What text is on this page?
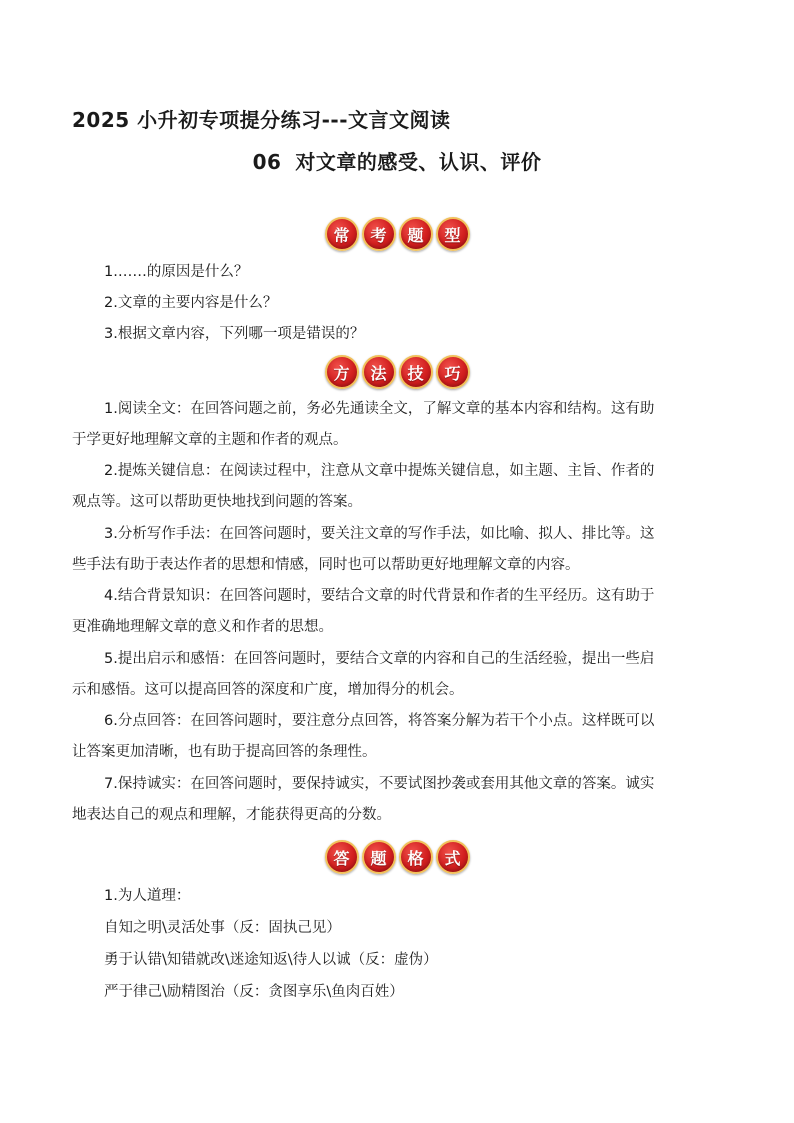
2025 小升初专项提分练习---文言文阅读
06 对文章的感受、认识、评价
常	考	题	型
1.……的原因是什么？
2.文章的主要内容是什么？
3.根据文章内容，下列哪一项是错误的？
方	法	技	巧
1.阅读全文：在回答问题之前，务必先通读全文，了解文章的基本内容和结构。这有助
于学更好地理解文章的主题和作者的观点。
2.提炼关键信息：在阅读过程中，注意从文章中提炼关键信息，如主题、主旨、作者的
观点等。这可以帮助更快地找到问题的答案。
3.分析写作手法：在回答问题时，要关注文章的写作手法，如比喻、拟人、排比等。这
些手法有助于表达作者的思想和情感，同时也可以帮助更好地理解文章的内容。
4.结合背景知识：在回答问题时，要结合文章的时代背景和作者的生平经历。这有助于
更准确地理解文章的意义和作者的思想。
5.提出启示和感悟：在回答问题时，要结合文章的内容和自己的生活经验，提出一些启
示和感悟。这可以提高回答的深度和广度，增加得分的机会。
6.分点回答：在回答问题时，要注意分点回答，将答案分解为若干个小点。这样既可以
让答案更加清晰，也有助于提高回答的条理性。
7.保持诚实：在回答问题时，要保持诚实，不要试图抄袭或套用其他文章的答案。诚实
地表达自己的观点和理解，才能获得更高的分数。
答	题	格	式
1.为人道理：
自知之明\灵活处事（反：固执己见）
勇于认错\知错就改\迷途知返\待人以诚（反：虚伪）
严于律己\励精图治（反：贪图享乐\鱼肉百姓）
